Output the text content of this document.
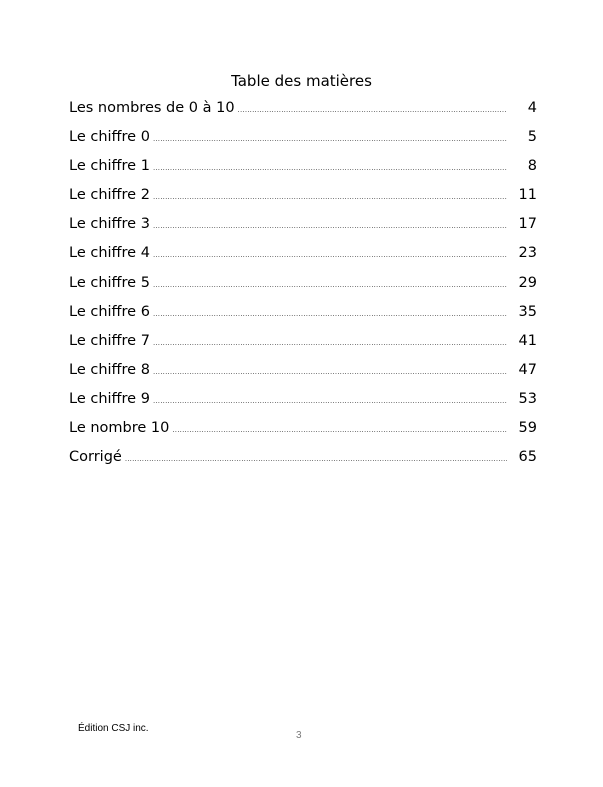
Table des matières
Les nombres de 0 à 10 .....	4
Le chiffre 0 .....	5
Le chiffre 1 .....	8
Le chiffre 2 .....	11
Le chiffre 3 .....	17
Le chiffre 4 .....	23
Le chiffre 5 .....	29
Le chiffre 6 .....	35
Le chiffre 7 .....	41
Le chiffre 8 .....	47
Le chiffre 9 .....	53
Le nombre 10 .....	59
Corrigé .....	65
Édition CSJ inc.
3
